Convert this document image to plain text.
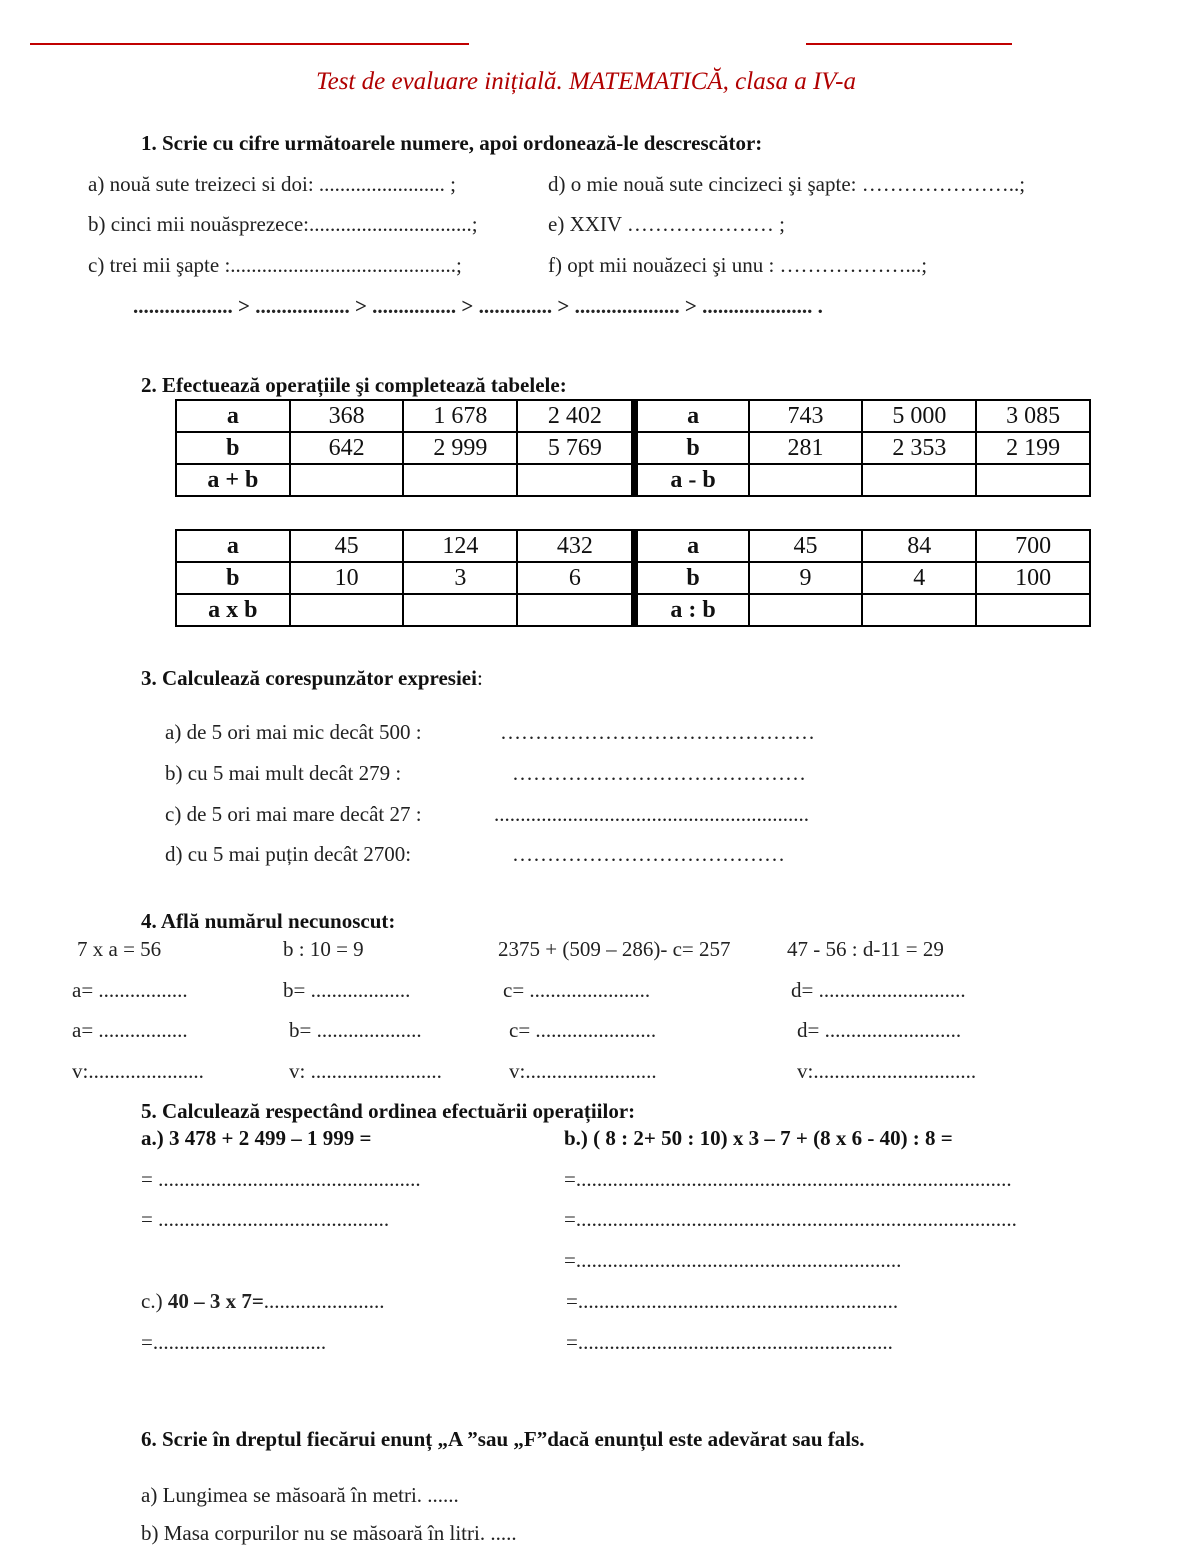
Test de evaluare inițială. MATEMATICĂ, clasa a IV-a
1. Scrie cu cifre următoarele numere, apoi ordonează-le descrescător:
a) nouă sute treizeci si doi: ........................ ;	d) o mie nouă sute cincizeci şi şapte: …………………..;
b) cinci mii nouăsprezece:...............................;	e) XXIV ………………… ;
c) trei mii şapte :...........................................;	f) opt mii nouăzeci şi unu : ………………...;
................... > .................. > ................ > .............. > .................... > ..................... .
2. Efectuează operațiile şi completează tabelele:
a	368	1 678	2 402	a	743	5 000	3 085
b	642	2 999	5 769	b	281	2 353	2 199
a + b				a - b			
a	45	124	432	a	45	84	700
b	10	3	6	b	9	4	100
a x b				a : b			
3. Calculează corespunzător expresiei:
a) de 5 ori mai mic decât 500 :	………………………………………
b) cu 5 mai mult decât 279 :	……………………………………
c) de 5 ori mai mare decât 27 :	............................................................
d) cu 5 mai puțin decât 2700:	…………………………………
4. Află numărul necunoscut:
7 x a = 56	b : 10 = 9	2375 + (509 – 286)- c= 257	47 - 56 : d-11 = 29
a= .................	b= ...................	c= .......................	d= ............................
a= .................	b= ....................	c= .......................	d= ..........................
v:......................	v: .........................	v:.........................	v:...............................
5. Calculează respectând ordinea efectuării operațiilor:
a.) 3 478 + 2 499 – 1 999 =	b.) ( 8 : 2+ 50 : 10) x 3 – 7 + (8 x 6 - 40) : 8 =
= ..................................................	=...................................................................................
= ............................................	=....................................................................................
=..............................................................
c.) 40 – 3 x 7=.......................	=.............................................................
=.................................	=............................................................
6. Scrie în dreptul fiecărui enunț „A ”sau „F”dacă enunțul este adevărat sau fals.
a) Lungimea se măsoară în metri. ......
b) Masa corpurilor nu se măsoară în litri. .....
